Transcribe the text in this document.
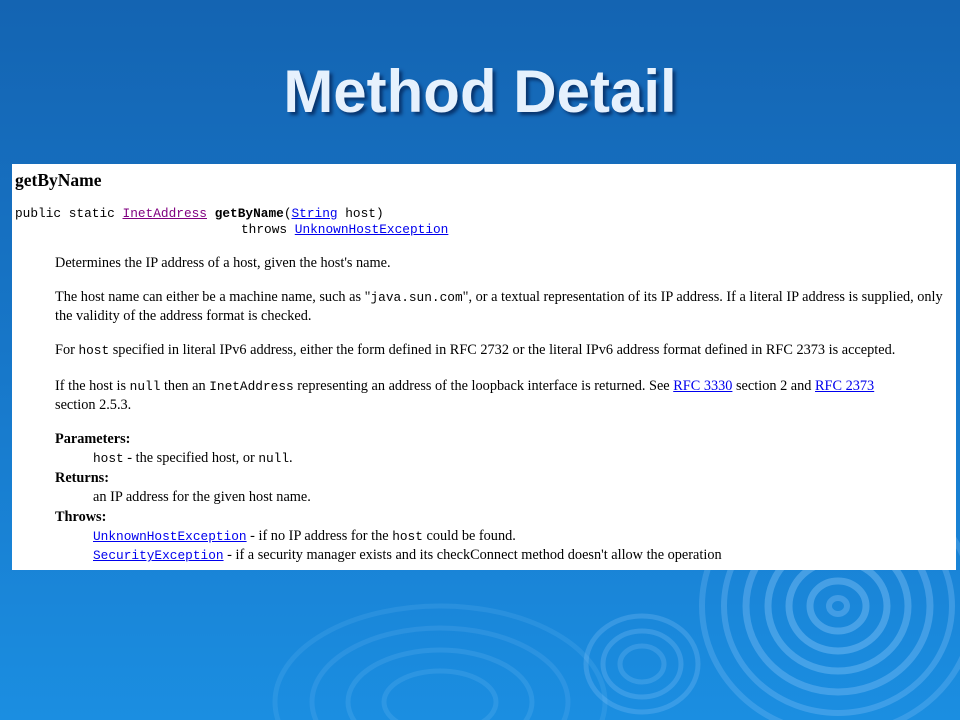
Method Detail
getByName
public static InetAddress getByName(String host)
throws UnknownHostException

Determines the IP address of a host, given the host's name.

The host name can either be a machine name, such as "java.sun.com", or a textual representation of its IP address. If a literal IP address is supplied, only
the validity of the address format is checked.

For host specified in literal IPv6 address, either the form defined in RFC 2732 or the literal IPv6 address format defined in RFC 2373 is accepted.

If the host is null then an InetAddress representing an address of the loopback interface is returned. See RFC 3330 section 2 and RFC 2373
section 2.5.3.

Parameters:
host - the specified host, or null.
Returns:
an IP address for the given host name.
Throws:
UnknownHostException - if no IP address for the host could be found.
SecurityException - if a security manager exists and its checkConnect method doesn't allow the operation
